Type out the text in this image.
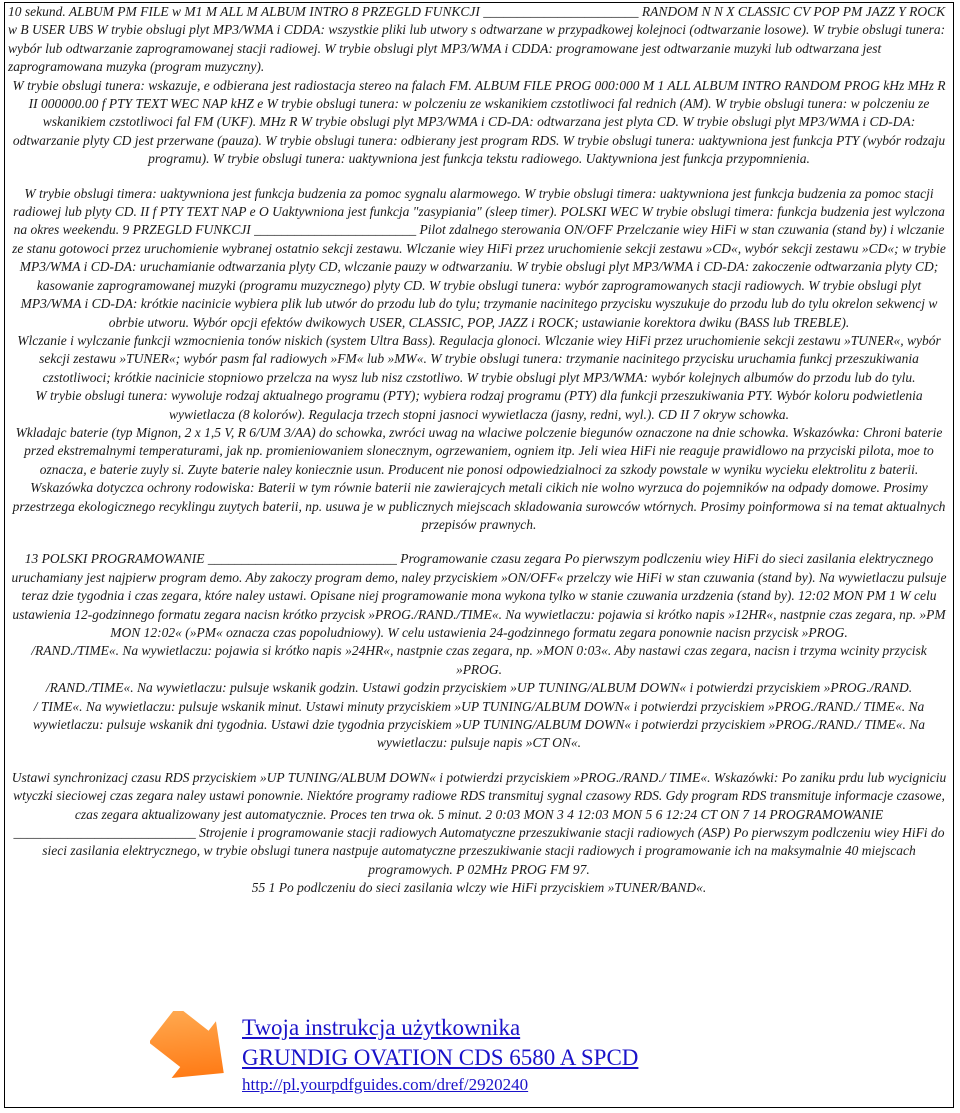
10 sekund. ALBUM PM FILE w M1 M ALL M ALBUM INTRO 8 PRZEGLD FUNKCJI _______________________ RANDOM N N X CLASSIC CV POP PM JAZZ Y ROCK w B USER UBS W trybie obslugi plyt MP3/WMA i CDDA: wszystkie pliki lub utwory s odtwarzane w przypadkowej kolejnoci (odtwarzanie losowe). W trybie obslugi tunera: wybór lub odtwarzanie zaprogramowanej stacji radiowej. W trybie obslugi plyt MP3/WMA i CDDA: programowane jest odtwarzanie muzyki lub odtwarzana jest zaprogramowana muzyka (program muzyczny).

W trybie obslugi tunera: wskazuje, e odbierana jest radiostacja stereo na falach FM. ALBUM FILE PROG 000:000 M 1 ALL ALBUM INTRO RANDOM PROG kHz MHz R II 000000.00 f PTY TEXT WEC NAP kHZ e W trybie obslugi tunera: w polczeniu ze wskanikiem czstotliwoci fal rednich (AM). W trybie obslugi tunera: w polczeniu ze wskanikiem czstotliwoci fal FM (UKF). MHz R W trybie obslugi plyt MP3/WMA i CD-DA: odtwarzana jest plyta CD. W trybie obslugi plyt MP3/WMA i CD-DA: odtwarzanie plyty CD jest przerwane (pauza). W trybie obslugi tunera: odbierany jest program RDS. W trybie obslugi tunera: uaktywniona jest funkcja PTY (wybór rodzaju programu). W trybie obslugi tunera: uaktywniona jest funkcja tekstu radiowego. Uaktywniona jest funkcja przypomnienia.

W trybie obslugi timera: uaktywniona jest funkcja budzenia za pomoc sygnalu alarmowego. W trybie obslugi timera: uaktywniona jest funkcja budzenia za pomoc stacji radiowej lub plyty CD. II f PTY TEXT NAP e O Uaktywniona jest funkcja "zasypiania" (sleep timer). POLSKI WEC W trybie obslugi timera: funkcja budzenia jest wylczona na okres weekendu. 9 PRZEGLD FUNKCJI ________________________ Pilot zdalnego sterowania ON/OFF Przelczanie wiey HiFi w stan czuwania (stand by) i wlczanie ze stanu gotowoci przez uruchomienie wybranej ostatnio sekcji zestawu. Wlczanie wiey HiFi przez uruchomienie sekcji zestawu »CD«, wybór sekcji zestawu »CD«; w trybie MP3/WMA i CD-DA: uruchamianie odtwarzania plyty CD, wlczanie pauzy w odtwarzaniu. W trybie obslugi plyt MP3/WMA i CD-DA: zakoczenie odtwarzania plyty CD; kasowanie zaprogramowanej muzyki (programu muzycznego) plyty CD. W trybie obslugi tunera: wybór zaprogramowanych stacji radiowych. W trybie obslugi plyt MP3/WMA i CD-DA: krótkie nacinicie wybiera plik lub utwór do przodu lub do tylu; trzymanie nacinitego przycisku wyszukuje do przodu lub do tylu okrelon sekwencj w obrbie utworu. Wybór opcji efektów dwikowych USER, CLASSIC, POP, JAZZ i ROCK; ustawianie korektora dwiku (BASS lub TREBLE).

Wlczanie i wylczanie funkcji wzmocnienia tonów niskich (system Ultra Bass). Regulacja glonoci. Wlczanie wiey HiFi przez uruchomienie sekcji zestawu »TUNER«, wybór sekcji zestawu »TUNER«; wybór pasm fal radiowych »FM« lub »MW«. W trybie obslugi tunera: trzymanie nacinitego przycisku uruchamia funkcj przeszukiwania czstotliwoci; krótkie nacinicie stopniowo przelcza na wysz lub nisz czstotliwo. W trybie obslugi plyt MP3/WMA: wybór kolejnych albumów do przodu lub do tylu.

W trybie obslugi tunera: wywoluje rodzaj aktualnego programu (PTY); wybiera rodzaj programu (PTY) dla funkcji przeszukiwania PTY. Wybór koloru podwietlenia wywietlacza (8 kolorów). Regulacja trzech stopni jasnoci wywietlacza (jasny, redni, wyl.). CD II 7 okryw schowka.

Wkladajc baterie (typ Mignon, 2 x 1,5 V, R 6/UM 3/AA) do schowka, zwróci uwag na wlaciwe polczenie biegunów oznaczone na dnie schowka. Wskazówka: Chroni baterie przed ekstremalnymi temperaturami, jak np. promieniowaniem slonecznym, ogrzewaniem, ogniem itp. Jeli wiea HiFi nie reaguje prawidlowo na przyciski pilota, moe to oznacza, e baterie zuyly si. Zuyte baterie naley koniecznie usun. Producent nie ponosi odpowiedzialnoci za szkody powstale w wyniku wycieku elektrolitu z baterii. Wskazówka dotyczca ochrony rodowiska: Baterii w tym równie baterii nie zawierajcych metali cikich nie wolno wyrzuca do pojemników na odpady domowe. Prosimy przestrzega ekologicznego recyklingu zuytych baterii, np. usuwa je w publicznych miejscach skladowania surowców wtórnych. Prosimy poinformowa si na temat aktualnych przepisów prawnych.

13 POLSKI PROGRAMOWANIE ____________________________ Programowanie czasu zegara Po pierwszym podlczeniu wiey HiFi do sieci zasilania elektrycznego uruchamiany jest najpierw program demo. Aby zakoczy program demo, naley przyciskiem »ON/OFF« przelczy wie HiFi w stan czuwania (stand by). Na wywietlaczu pulsuje teraz dzie tygodnia i czas zegara, które naley ustawi. Opisane niej programowanie mona wykona tylko w stanie czuwania urzdzenia (stand by). 12:02 MON PM 1 W celu ustawienia 12-godzinnego formatu zegara nacisn krótko przycisk »PROG./RAND./TIME«. Na wywietlaczu: pojawia si krótko napis »12HR«, nastpnie czas zegara, np. »PM MON 12:02« (»PM« oznacza czas popoludniowy). W celu ustawienia 24-godzinnego formatu zegara ponownie nacisn przycisk »PROG.

/RAND./TIME«. Na wywietlaczu: pojawia si krótko napis »24HR«, nastpnie czas zegara, np. »MON 0:03«. Aby nastawi czas zegara, nacisn i trzyma wcinity przycisk »PROG.

/RAND./TIME«. Na wywietlaczu: pulsuje wskanik godzin. Ustawi godzin przyciskiem »UP TUNING/ALBUM DOWN« i potwierdzi przyciskiem »PROG./RAND.

/ TIME«. Na wywietlaczu: pulsuje wskanik minut. Ustawi minuty przyciskiem »UP TUNING/ALBUM DOWN« i potwierdzi przyciskiem »PROG./RAND./ TIME«. Na wywietlaczu: pulsuje wskanik dni tygodnia. Ustawi dzie tygodnia przyciskiem »UP TUNING/ALBUM DOWN« i potwierdzi przyciskiem »PROG./RAND./ TIME«. Na wywietlaczu: pulsuje napis »CT ON«.

Ustawi synchronizacj czasu RDS przyciskiem »UP TUNING/ALBUM DOWN« i potwierdzi przyciskiem »PROG./RAND./ TIME«. Wskazówki: Po zaniku prdu lub wycigniciu wtyczki sieciowej czas zegara naley ustawi ponownie. Niektóre programy radiowe RDS transmituj sygnal czasowy RDS. Gdy program RDS transmituje informacje czasowe, czas zegara aktualizowany jest automatycznie. Proces ten trwa ok. 5 minut. 2 0:03 MON 3 4 12:03 MON 5 6 12:24 CT ON 7 14 PROGRAMOWANIE ___________________________ Strojenie i programowanie stacji radiowych Automatyczne przeszukiwanie stacji radiowych (ASP) Po pierwszym podlczeniu wiey HiFi do sieci zasilania elektrycznego, w trybie obslugi tunera nastpuje automatyczne przeszukiwanie stacji radiowych i programowanie ich na maksymalnie 40 miejscach programowych. P 02MHz PROG FM 97.

55 1 Po podlczeniu do sieci zasilania wlczy wie HiFi przyciskiem »TUNER/BAND«.

Twoja instrukcja użytkownika
GRUNDIG OVATION CDS 6580 A SPCD
http://pl.yourpdfguides.com/dref/2920240
